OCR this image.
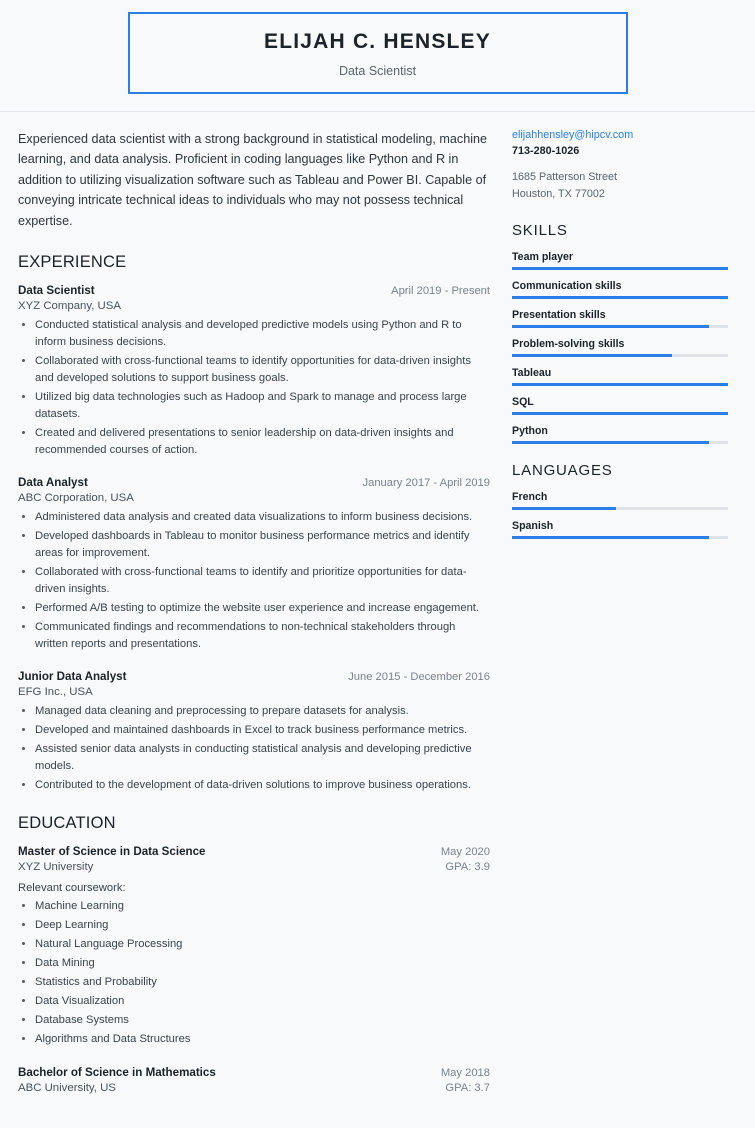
ELIJAH C. HENSLEY
Data Scientist

Experienced data scientist with a strong background in statistical modeling, machine learning, and data analysis. Proficient in coding languages like Python and R in addition to utilizing visualization software such as Tableau and Power BI. Capable of conveying intricate technical ideas to individuals who may not possess technical expertise.

EXPERIENCE
Data Scientist	April 2019 - Present
XYZ Company, USA
• Conducted statistical analysis and developed predictive models using Python and R to inform business decisions.
• Collaborated with cross-functional teams to identify opportunities for data-driven insights and developed solutions to support business goals.
• Utilized big data technologies such as Hadoop and Spark to manage and process large datasets.
• Created and delivered presentations to senior leadership on data-driven insights and recommended courses of action.
Data Analyst	January 2017 - April 2019
ABC Corporation, USA
• Administered data analysis and created data visualizations to inform business decisions.
• Developed dashboards in Tableau to monitor business performance metrics and identify areas for improvement.
• Collaborated with cross-functional teams to identify and prioritize opportunities for data-driven insights.
• Performed A/B testing to optimize the website user experience and increase engagement.
• Communicated findings and recommendations to non-technical stakeholders through written reports and presentations.
Junior Data Analyst	June 2015 - December 2016
EFG Inc., USA
• Managed data cleaning and preprocessing to prepare datasets for analysis.
• Developed and maintained dashboards in Excel to track business performance metrics.
• Assisted senior data analysts in conducting statistical analysis and developing predictive models.
• Contributed to the development of data-driven solutions to improve business operations.
EDUCATION
Master of Science in Data Science	May 2020
XYZ University	GPA: 3.9
Relevant coursework:
• Machine Learning
• Deep Learning
• Natural Language Processing
• Data Mining
• Statistics and Probability
• Data Visualization
• Database Systems
• Algorithms and Data Structures
Bachelor of Science in Mathematics	May 2018
ABC University, US	GPA: 3.7
elijahhensley@hipcv.com
713-280-1026
1685 Patterson Street
Houston, TX 77002
SKILLS
Team player
Communication skills
Presentation skills
Problem-solving skills
Tableau
SQL
Python
LANGUAGES
French
Spanish
